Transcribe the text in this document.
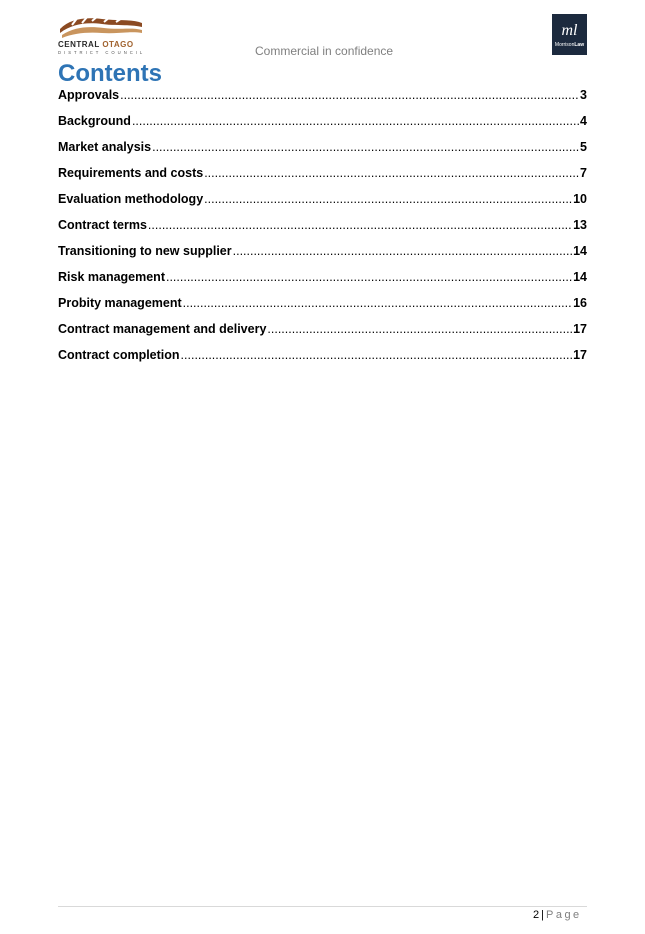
CENTRAL OTAGO
DISTRICT COUNCIL	Commercial in confidence
ml
MorrisonLaw
Contents
Approvals .....	3
Background .....	4
Market analysis .....	5
Requirements and costs .....	7
Evaluation methodology .....	10
Contract terms .....	13
Transitioning to new supplier .....	14
Risk management .....	14
Probity management .....	16
Contract management and delivery .....	17
Contract completion .....	17
2 | Page
